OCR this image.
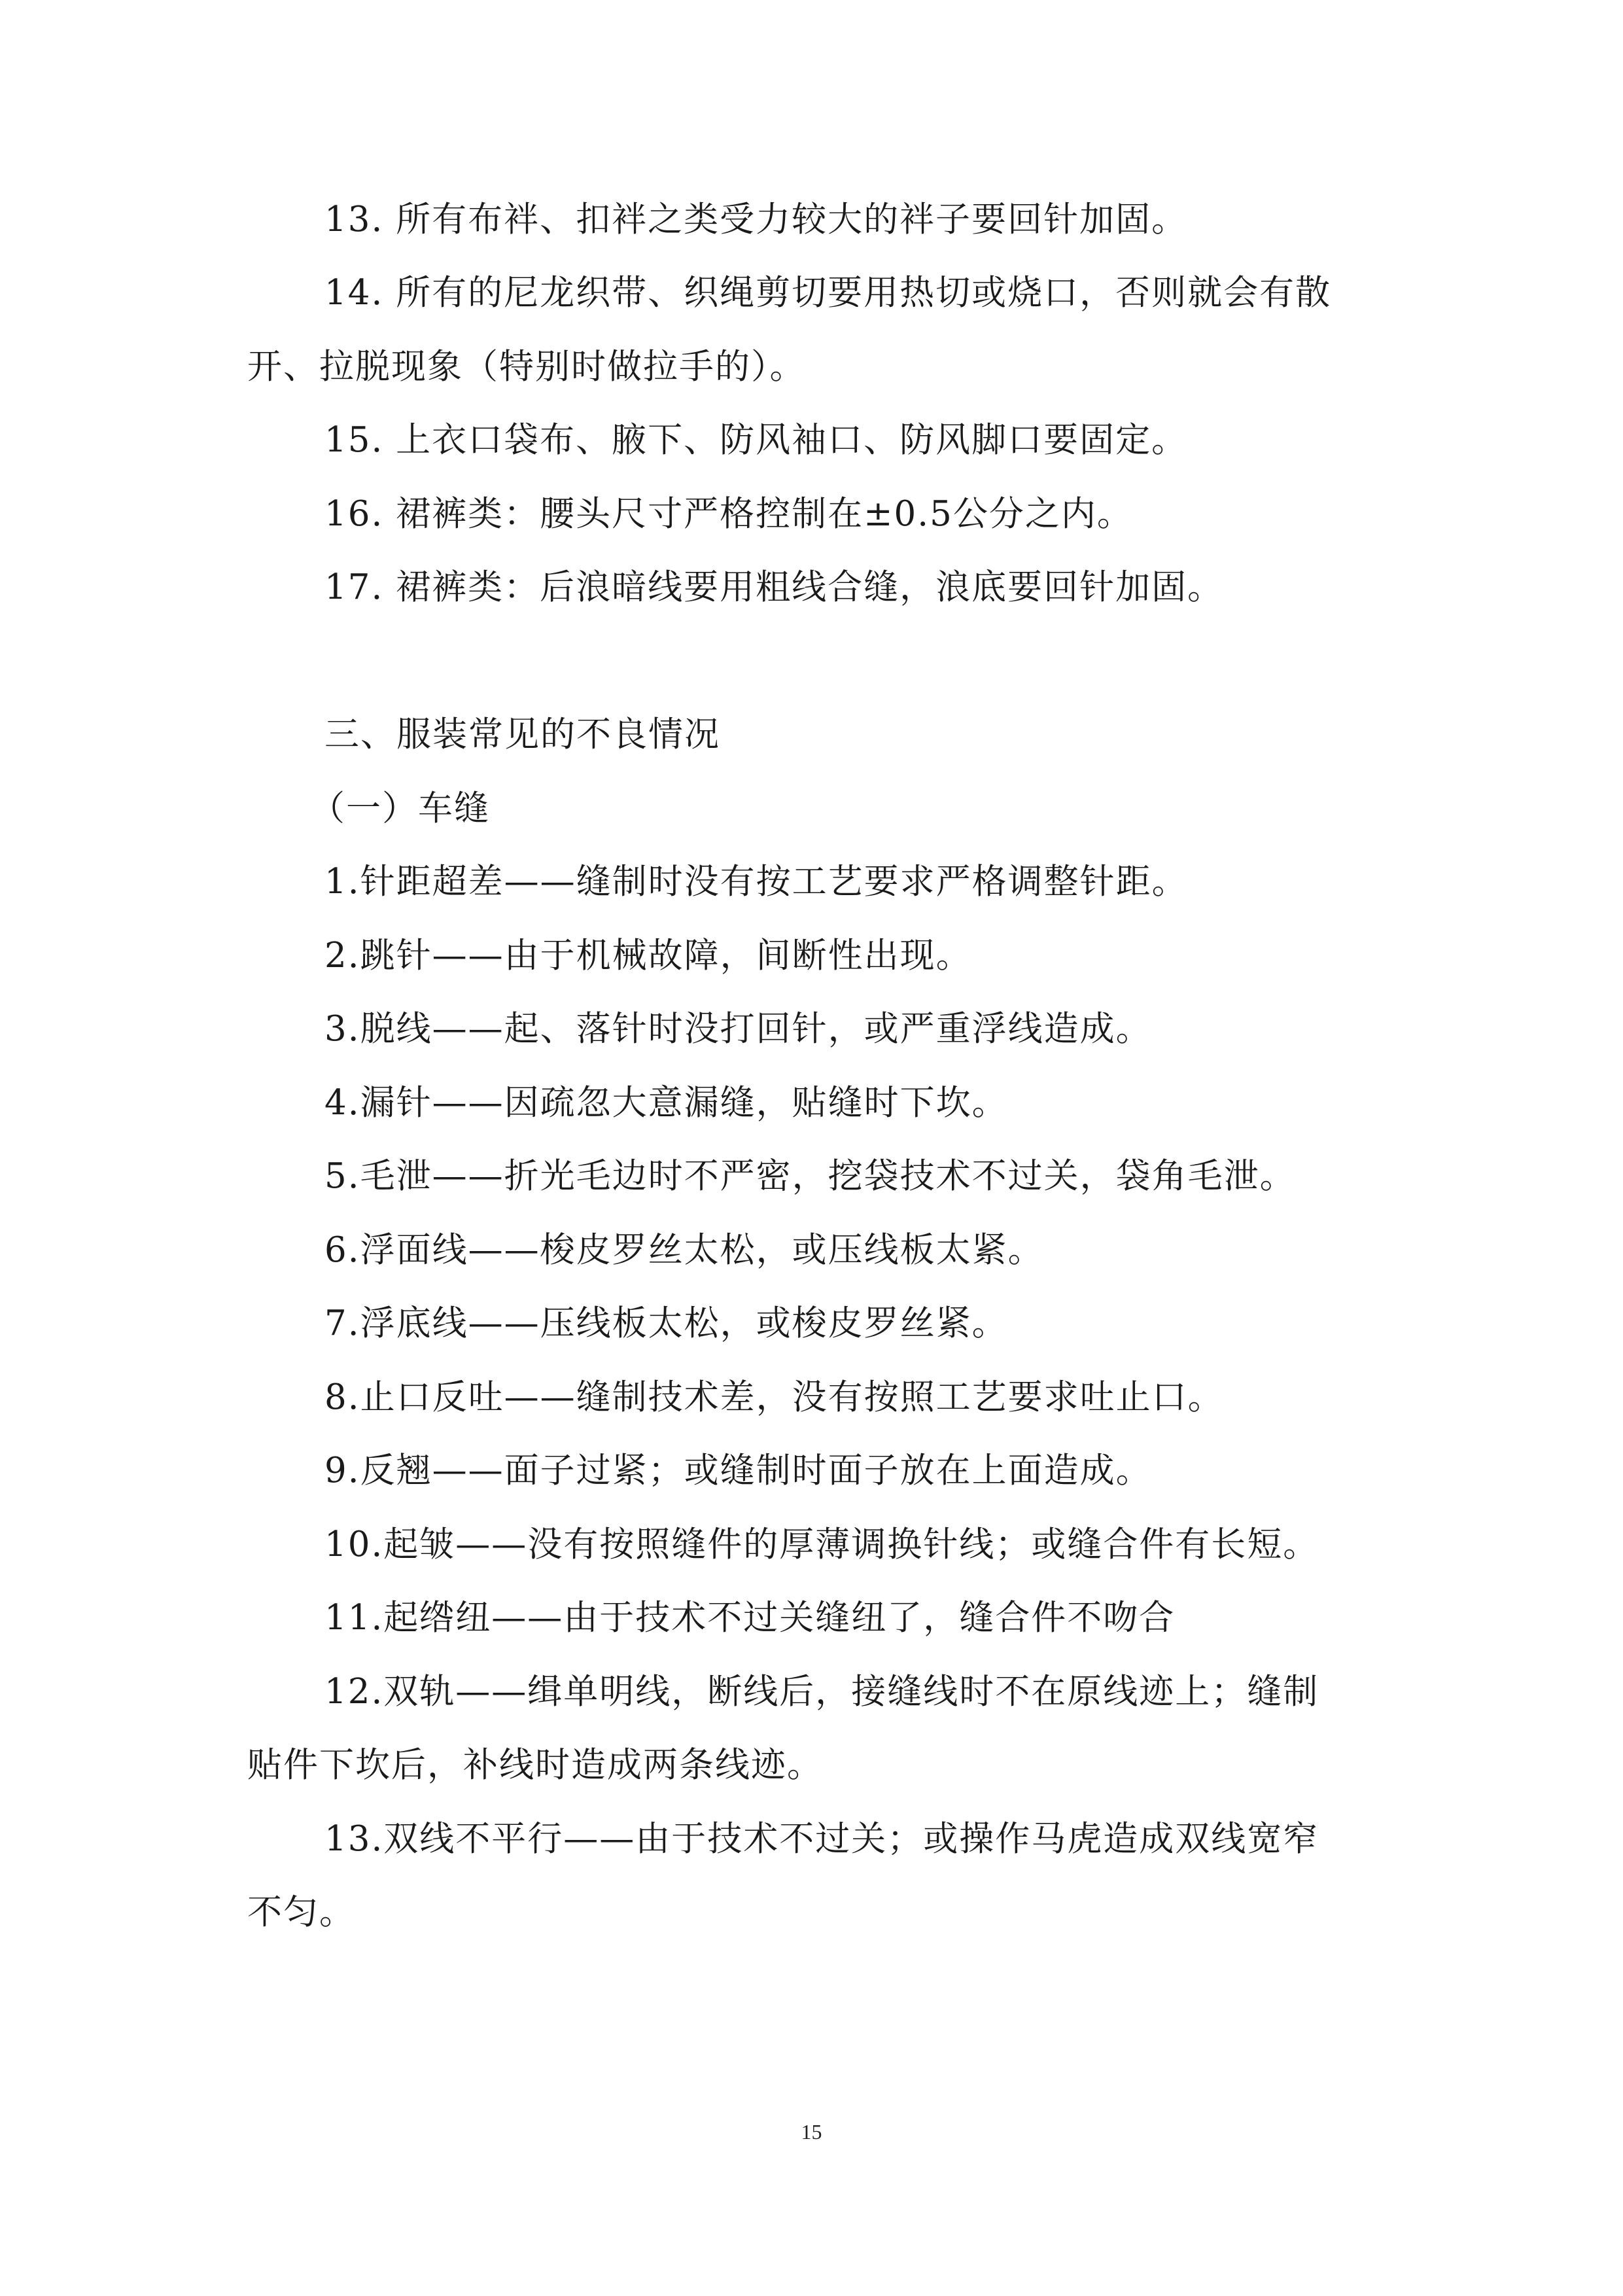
13. 所有布袢、扣袢之类受力较大的袢子要回针加固。
14. 所有的尼龙织带、织绳剪切要用热切或烧口，否则就会有散
开、拉脱现象（特别时做拉手的）。
15. 上衣口袋布、腋下、防风袖口、防风脚口要固定。
16. 裙裤类：腰头尺寸严格控制在±0.5公分之内。
17. 裙裤类：后浪暗线要用粗线合缝，浪底要回针加固。
三、服装常见的不良情况
（一）车缝
1.针距超差——缝制时没有按工艺要求严格调整针距。
2.跳针——由于机械故障，间断性出现。
3.脱线——起、落针时没打回针，或严重浮线造成。
4.漏针——因疏忽大意漏缝，贴缝时下坎。
5.毛泄——折光毛边时不严密，挖袋技术不过关，袋角毛泄。
6.浮面线——梭皮罗丝太松，或压线板太紧。
7.浮底线——压线板太松，或梭皮罗丝紧。
8.止口反吐——缝制技术差，没有按照工艺要求吐止口。
9.反翘——面子过紧；或缝制时面子放在上面造成。
10.起皱——没有按照缝件的厚薄调换针线；或缝合件有长短。
11.起绺纽——由于技术不过关缝纽了，缝合件不吻合
12.双轨——缉单明线，断线后，接缝线时不在原线迹上；缝制
贴件下坎后，补线时造成两条线迹。
13.双线不平行——由于技术不过关；或操作马虎造成双线宽窄
不匀。
15
